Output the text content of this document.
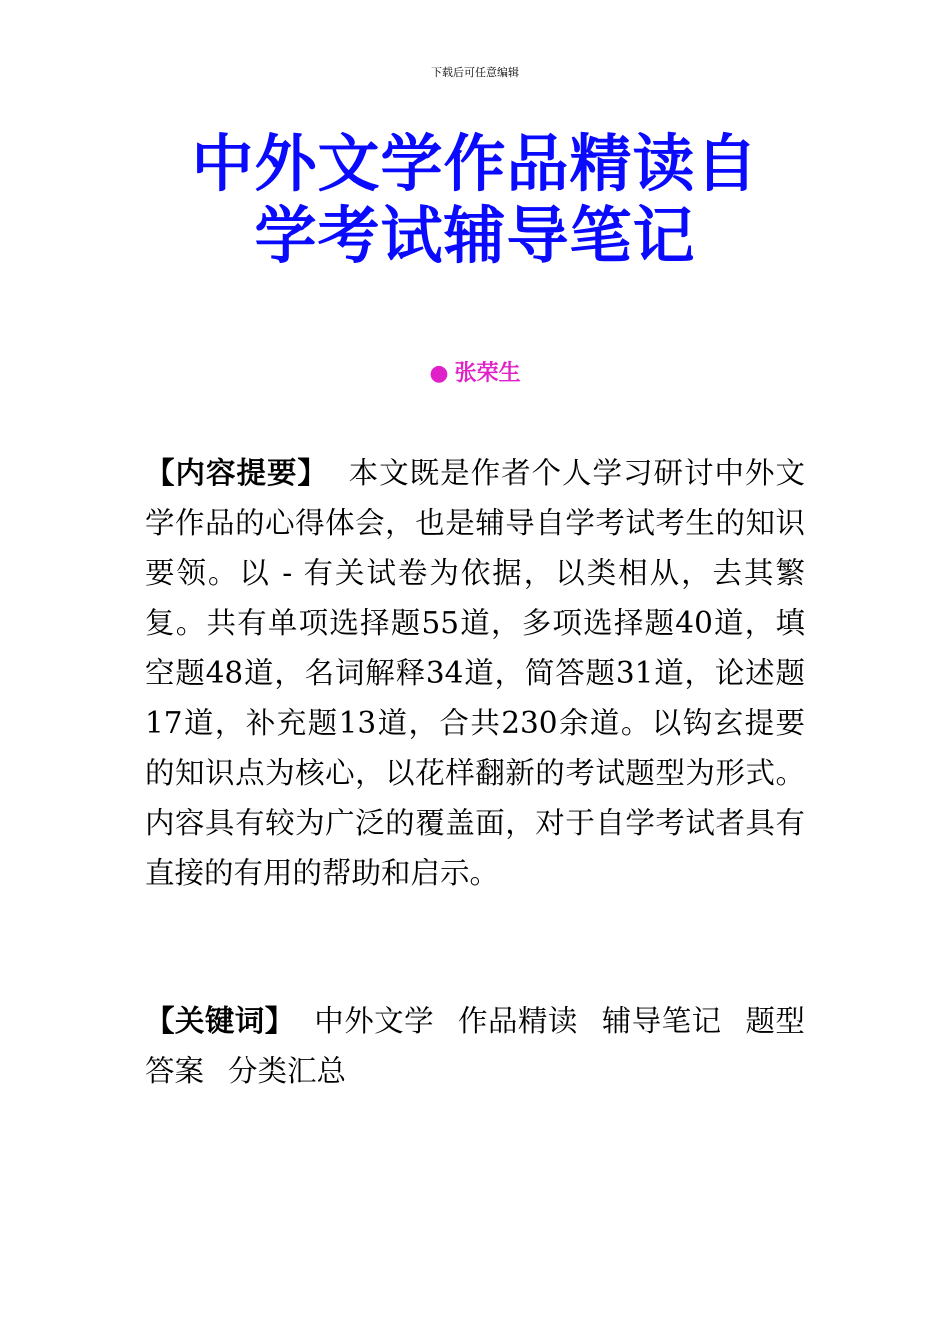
下载后可任意编辑
中外文学作品精读自
学考试辅导笔记
● 张荣生
【内容提要】 本文既是作者个人学习研讨中外文学作品的心得体会，也是辅导自学考试考生的知识要领。以 - 有关试卷为依据，以类相从，去其繁复。共有单项选择题55道，多项选择题40道，填空题48道，名词解释34道，简答题31道，论述题17道，补充题13道，合共230余道。以钩玄提要的知识点为核心，以花样翻新的考试题型为形式。内容具有较为广泛的覆盖面，对于自学考试者具有直接的有用的帮助和启示。
【关键词】 中外文学 作品精读 辅导笔记 题型答案 分类汇总
